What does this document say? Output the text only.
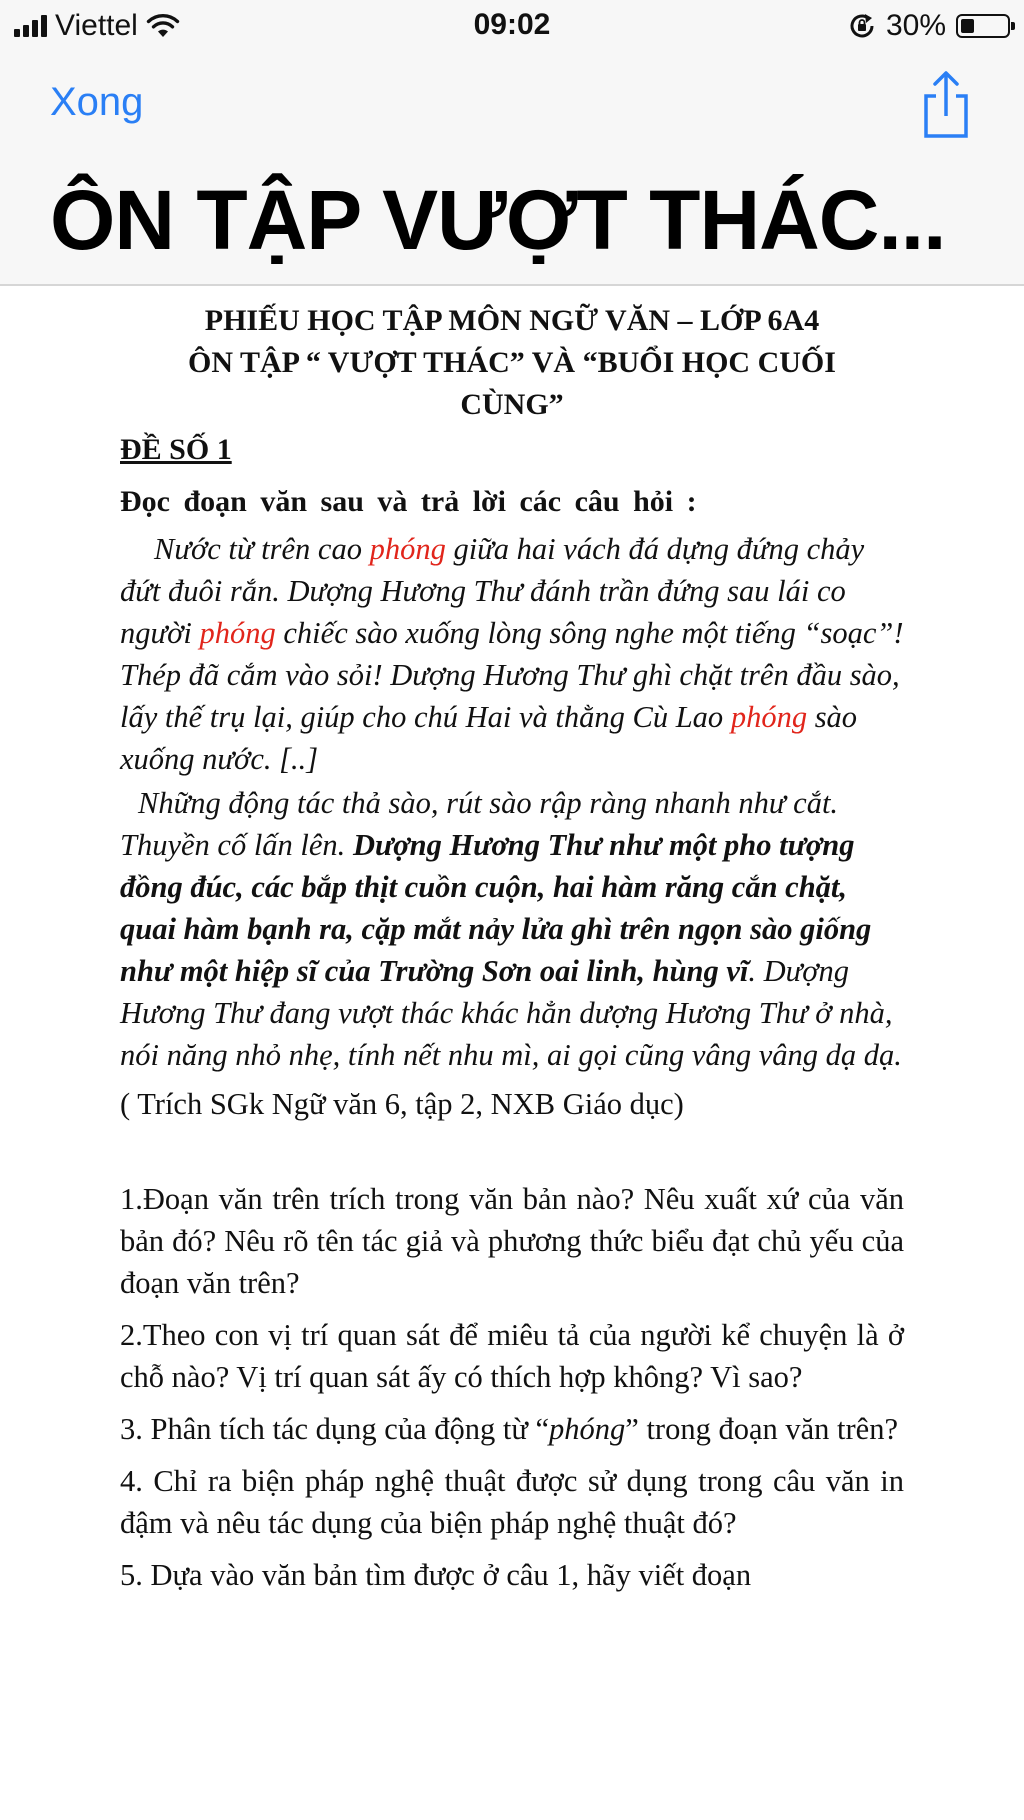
Viettel	09:02	30%
Xong
ÔN TẬP VƯỢT THÁC...

PHIẾU HỌC TẬP MÔN NGỮ VĂN – LỚP 6A4

ÔN TẬP “ VƯỢT THÁC” VÀ “BUỔI HỌC CUỐI

CÙNG”

ĐỀ SỐ 1
Đọc đoạn văn sau và trả lời các câu hỏi :

Nước từ trên cao phóng giữa hai vách đá dựng đứng chảy đứt đuôi rắn. Dượng Hương Thư đánh trần đứng sau lái co người phóng chiếc sào xuống lòng sông nghe một tiếng “soạc”! Thép đã cắm vào sỏi! Dượng Hương Thư ghì chặt trên đầu sào, lấy thế trụ lại, giúp cho chú Hai và thằng Cù Lao phóng sào xuống nước. [..]

Những động tác thả sào, rút sào rập ràng nhanh như cắt. Thuyền cố lấn lên. Dượng Hương Thư như một pho tượng đồng đúc, các bắp thịt cuồn cuộn, hai hàm răng cắn chặt, quai hàm bạnh ra, cặp mắt nảy lửa ghì trên ngọn sào giống như một hiệp sĩ của Trường Sơn oai linh, hùng vĩ. Dượng Hương Thư đang vượt thác khác hẳn dượng Hương Thư ở nhà, nói năng nhỏ nhẹ, tính nết nhu mì, ai gọi cũng vâng vâng dạ dạ.

( Trích SGk Ngữ văn 6, tập 2, NXB Giáo dục)

1.Đoạn văn trên trích trong văn bản nào? Nêu xuất xứ của văn bản đó? Nêu rõ tên tác giả và phương thức biểu đạt chủ yếu của đoạn văn trên?

2.Theo con vị trí quan sát để miêu tả của người kể chuyện là ở chỗ nào? Vị trí quan sát ấy có thích hợp không? Vì sao?

3. Phân tích tác dụng của động từ “phóng” trong đoạn văn trên?

4. Chỉ ra biện pháp nghệ thuật được sử dụng trong câu văn in đậm và nêu tác dụng của biện pháp nghệ thuật đó?

5. Dựa vào văn bản tìm được ở câu 1, hãy viết đoạn
